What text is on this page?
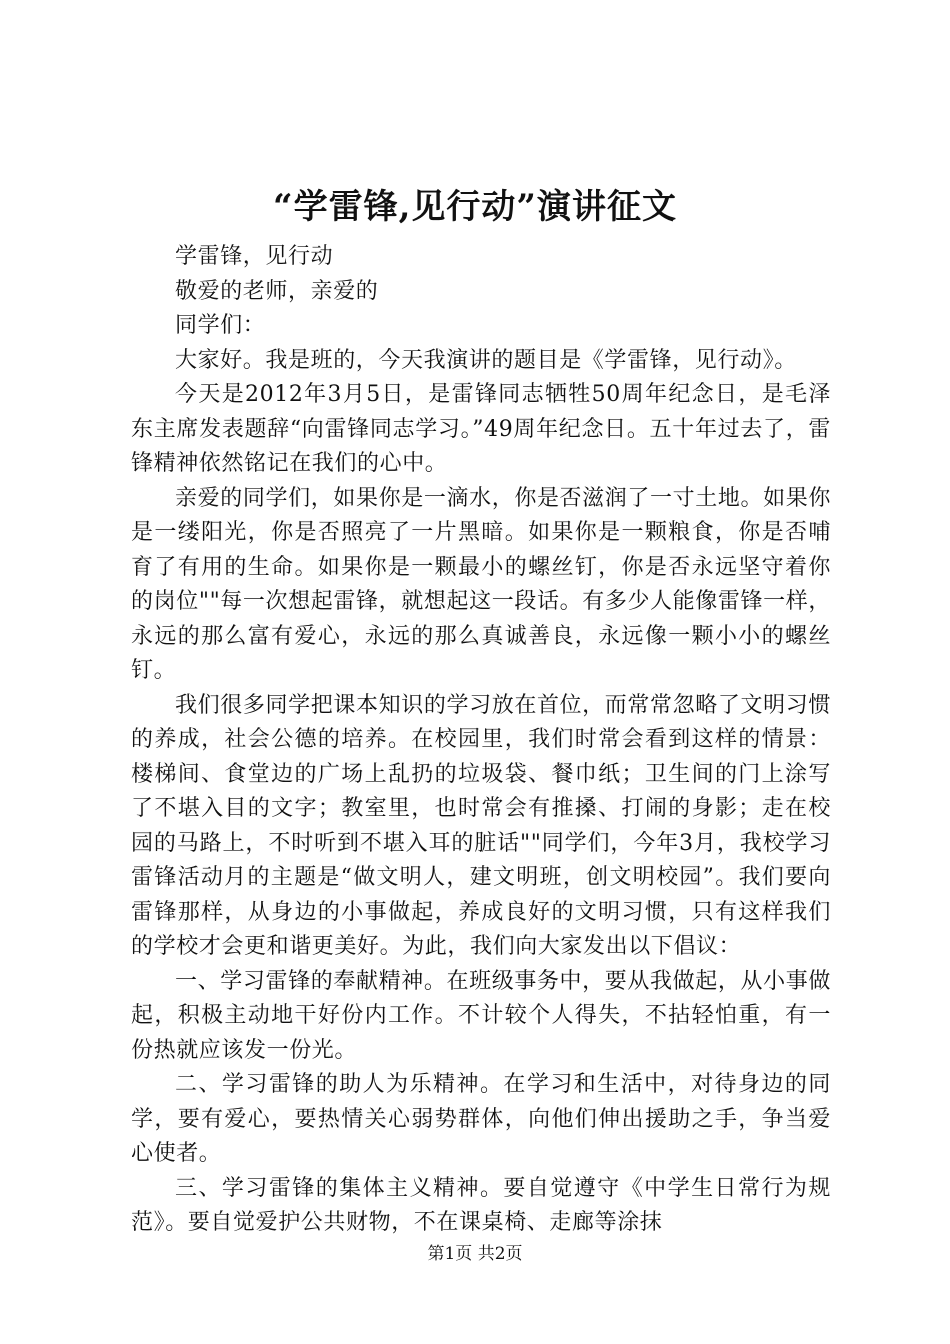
“学雷锋,见行动”演讲征文

学雷锋，见行动

敬爱的老师，亲爱的

同学们：

大家好。我是班的，今天我演讲的题目是《学雷锋，见行动》。

今天是2012年3月5日，是雷锋同志牺牲50周年纪念日，是毛泽东主席发表题辞“向雷锋同志学习。”49周年纪念日。五十年过去了，雷锋精神依然铭记在我们的心中。

亲爱的同学们，如果你是一滴水，你是否滋润了一寸土地。如果你是一缕阳光，你是否照亮了一片黑暗。如果你是一颗粮食，你是否哺育了有用的生命。如果你是一颗最小的螺丝钉，你是否永远坚守着你的岗位""每一次想起雷锋，就想起这一段话。有多少人能像雷锋一样，永远的那么富有爱心，永远的那么真诚善良，永远像一颗小小的螺丝钉。

我们很多同学把课本知识的学习放在首位，而常常忽略了文明习惯的养成，社会公德的培养。在校园里，我们时常会看到这样的情景：楼梯间、食堂边的广场上乱扔的垃圾袋、餐巾纸；卫生间的门上涂写了不堪入目的文字；教室里，也时常会有推搡、打闹的身影；走在校园的马路上，不时听到不堪入耳的脏话""同学们，今年3月，我校学习雷锋活动月的主题是“做文明人，建文明班，创文明校园”。我们要向雷锋那样，从身边的小事做起，养成良好的文明习惯，只有这样我们的学校才会更和谐更美好。为此，我们向大家发出以下倡议：

一、学习雷锋的奉献精神。在班级事务中，要从我做起，从小事做起，积极主动地干好份内工作。不计较个人得失，不拈轻怕重，有一份热就应该发一份光。

二、学习雷锋的助人为乐精神。在学习和生活中，对待身边的同学，要有爱心，要热情关心弱势群体，向他们伸出援助之手，争当爱心使者。

三、学习雷锋的集体主义精神。要自觉遵守《中学生日常行为规范》。要自觉爱护公共财物，不在课桌椅、走廊等涂抹

第1页 共2页
